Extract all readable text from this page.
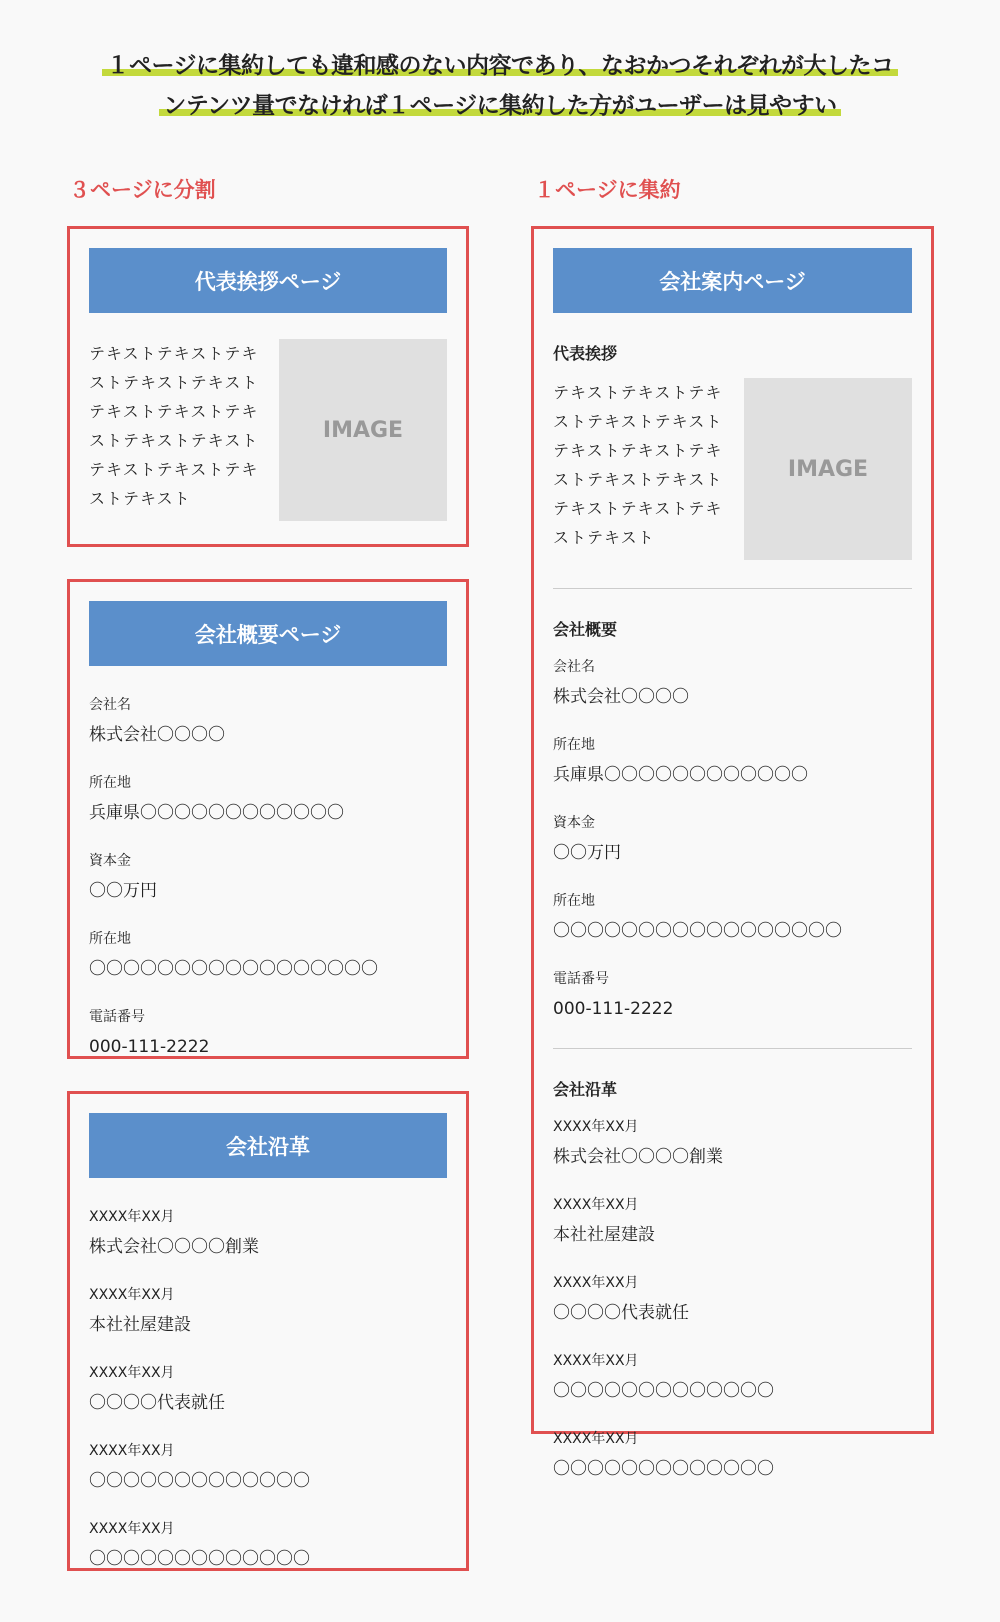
１ページに集約しても違和感のない内容であり、なおかつそれぞれが大したコ
ンテンツ量でなければ１ページに集約した方がユーザーは見やすい
３ページに分割	１ページに集約
代表挨拶ページ
テキストテキストテキストテキストテキストテキストテキストテキストテキストテキストテキストテキストテキストテキスト
IMAGE
会社概要ページ
会社名
株式会社〇〇〇〇
所在地
兵庫県〇〇〇〇〇〇〇〇〇〇〇〇
資本金
〇〇万円
所在地
〇〇〇〇〇〇〇〇〇〇〇〇〇〇〇〇〇
電話番号
000-111-2222
会社沿革
XXXX年XX月
株式会社〇〇〇〇創業
XXXX年XX月
本社社屋建設
XXXX年XX月
〇〇〇〇代表就任
XXXX年XX月
〇〇〇〇〇〇〇〇〇〇〇〇〇
XXXX年XX月
〇〇〇〇〇〇〇〇〇〇〇〇〇
会社案内ページ
代表挨拶
テキストテキストテキストテキストテキストテキストテキストテキストテキストテキストテキストテキストテキストテキスト
IMAGE
会社概要
会社名
株式会社〇〇〇〇
所在地
兵庫県〇〇〇〇〇〇〇〇〇〇〇〇
資本金
〇〇万円
所在地
〇〇〇〇〇〇〇〇〇〇〇〇〇〇〇〇〇
電話番号
000-111-2222
会社沿革
XXXX年XX月
株式会社〇〇〇〇創業
XXXX年XX月
本社社屋建設
XXXX年XX月
〇〇〇〇代表就任
XXXX年XX月
〇〇〇〇〇〇〇〇〇〇〇〇〇
XXXX年XX月
〇〇〇〇〇〇〇〇〇〇〇〇〇
